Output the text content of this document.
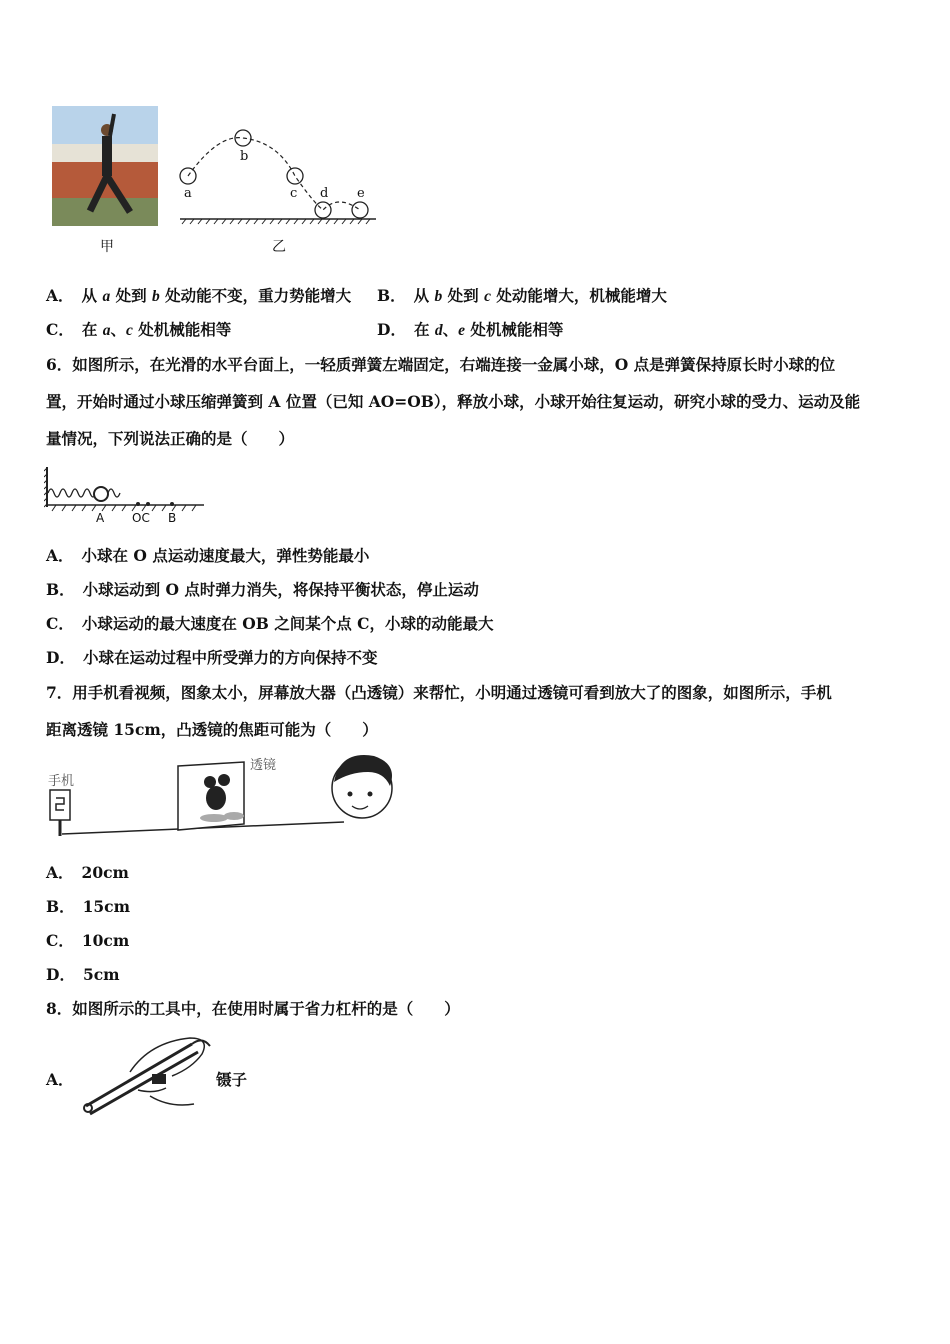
甲
a
b
c d e
乙
A． 从 a 处到 b 处动能不变，重力势能增大 B． 从 b 处到 c 处动能增大，机械能增大
C． 在 a、c 处机械能相等	D． 在 d、e 处机械能相等
6．如图所示，在光滑的水平台面上，一轻质弹簧左端固定，右端连接一金属小球，O 点是弹簧保持原长时小球的位
置，开始时通过小球压缩弹簧到 A 位置（已知 AO=OB），释放小球，小球开始往复运动，研究小球的受力、运动及能
量情况，下列说法正确的是（　　）
A OC B
A． 小球在 O 点运动速度最大，弹性势能最小
B． 小球运动到 O 点时弹力消失，将保持平衡状态，停止运动
C． 小球运动的最大速度在 OB 之间某个点 C，小球的动能最大
D． 小球在运动过程中所受弹力的方向保持不变
7．用手机看视频，图象太小，屏幕放大器（凸透镜）来帮忙，小明通过透镜可看到放大了的图象，如图所示，手机
距离透镜 15cm，凸透镜的焦距可能为（　　）
手机
透镜
A． 20cm
B． 15cm
C． 10cm
D． 5cm
8．如图所示的工具中，在使用时属于省力杠杆的是（　　）
A．	镊子
